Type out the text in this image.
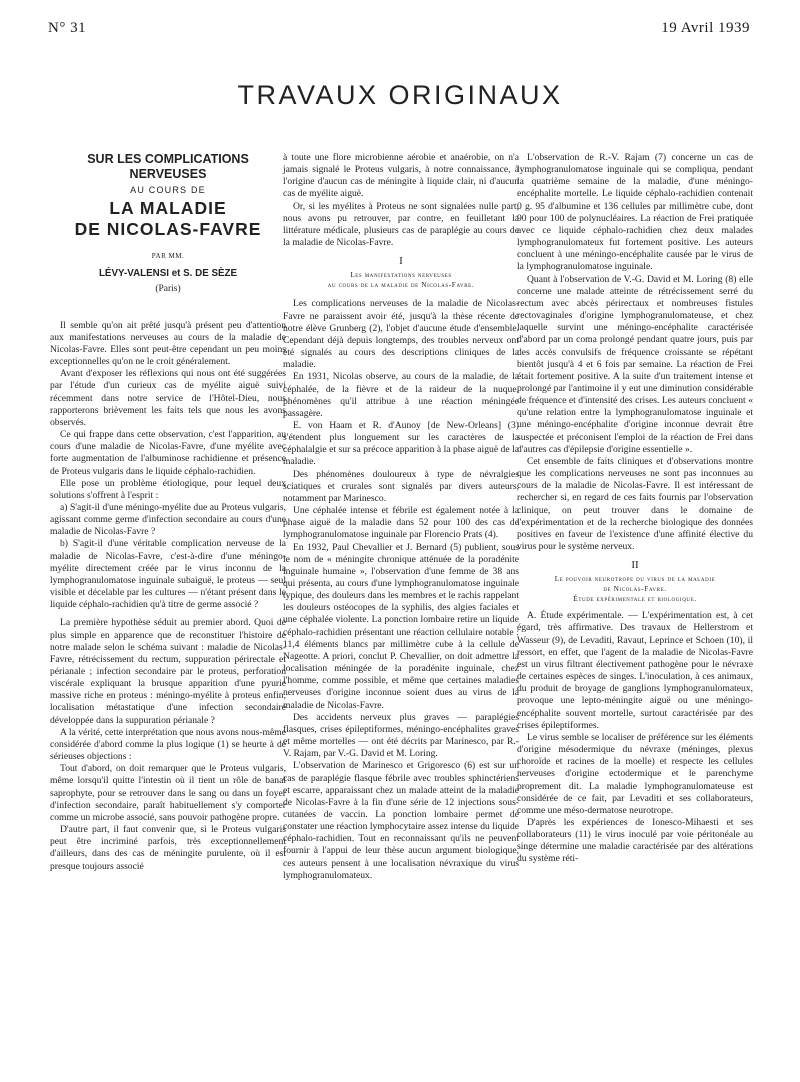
N° 31	19 Avril 1939
TRAVAUX ORIGINAUX
SUR LES COMPLICATIONS
NERVEUSES
AU COURS DE
LA MALADIE
DE NICOLAS-FAVRE
PAR MM.
LÉVY-VALENSI et S. DE SÈZE
(Paris)

Il semble qu'on ait prêté jusqu'à présent peu d'attention aux manifestations nerveuses au cours de la maladie de Nicolas-Favre. Elles sont peut-être cependant un peu moins exceptionnelles qu'on ne le croit généralement.

Avant d'exposer les réflexions qui nous ont été suggérées par l'étude d'un curieux cas de myélite aiguë suivi récemment dans notre service de l'Hôtel-Dieu, nous rapporterons brièvement les faits tels que nous les avons observés.

Ce qui frappe dans cette observation, c'est l'apparition, au cours d'une maladie de Nicolas-Favre, d'une myélite avec forte augmentation de l'albuminose rachidienne et présence de Proteus vulgaris dans le liquide céphalo-rachidien.

Elle pose un problème étiologique, pour lequel deux solutions s'offrent à l'esprit :

a) S'agit-il d'une méningo-myélite due au Proteus vulgaris, agissant comme germe d'infection secondaire au cours d'une maladie de Nicolas-Favre ?

b) S'agit-il d'une véritable complication nerveuse de la maladie de Nicolas-Favre, c'est-à-dire d'une méningo-myélite directement créée par le virus inconnu de la lymphogranulomatose inguinale subaiguë, le proteus — seul visible et décelable par les cultures — n'étant présent dans le liquide céphalo-rachidien qu'à titre de germe associé ?

La première hypothèse séduit au premier abord. Quoi de plus simple en apparence que de reconstituer l'histoire de notre malade selon le schéma suivant : maladie de Nicolas-Favre, rétrécissement du rectum, suppuration périrectale et périanale ; infection secondaire par le proteus, perforation viscérale expliquant la brusque apparition d'une pyurie massive riche en proteus : méningo-myélite à proteus enfin, localisation métastatique d'une infection secondaire développée dans la suppuration périanale ?

A la vérité, cette interprétation que nous avons nous-même considérée d'abord comme la plus logique (1) se heurte à de sérieuses objections :

Tout d'abord, on doit remarquer que le Proteus vulgaris, même lorsqu'il quitte l'intestin où il tient un rôle de banal saprophyte, pour se retrouver dans le sang ou dans un foyer d'infection secondaire, paraît habituellement s'y comporter comme un microbe associé, sans pouvoir pathogène propre.

D'autre part, il faut convenir que, si le Proteus vulgaris peut être incriminé parfois, très exceptionnellement d'ailleurs, dans des cas de méningite purulente, où il est presque toujours associé

à toute une flore microbienne aérobie et anaérobie, on n'a jamais signalé le Proteus vulgaris, à notre connaissance, à l'origine d'aucun cas de méningite à liquide clair, ni d'aucun cas de myélite aiguë.

Or, si les myélites à Proteus ne sont signalées nulle part, nous avons pu retrouver, par contre, en feuilletant la littérature médicale, plusieurs cas de paraplégie au cours de la maladie de Nicolas-Favre.

I
Les manifestations nerveuses
au cours de la maladie de Nicolas-Favre.

Les complications nerveuses de la maladie de Nicolas-Favre ne paraissent avoir été, jusqu'à la thèse récente de notre élève Grunberg (2), l'objet d'aucune étude d'ensemble. Cependant déjà depuis longtemps, des troubles nerveux ont été signalés au cours des descriptions cliniques de la maladie.

En 1931, Nicolas observe, au cours de la maladie, de la céphalée, de la fièvre et de la raideur de la nuque, phénomènes qu'il attribue à une réaction méningée passagère.

E. von Haam et R. d'Aunoy [de New-Orleans] (3) s'étendent plus longuement sur les caractères de la céphalalgie et sur sa précoce apparition à la phase aiguë de la maladie.

Des phénomènes douloureux à type de névralgies sciatiques et crurales sont signalés par divers auteurs, notamment par Marinesco.

Une céphalée intense et fébrile est également notée à la phase aiguë de la maladie dans 52 pour 100 des cas de lymphogranulomatose inguinale par Florencio Prats (4).

En 1932, Paul Chevallier et J. Bernard (5) publient, sous le nom de « méningite chronique atténuée de la poradénite inguinale humaine », l'observation d'une femme de 38 ans qui présenta, au cours d'une lymphogranulomatose inguinale typique, des douleurs dans les membres et le rachis rappelant les douleurs ostéocopes de la syphilis, des algies faciales et une céphalée violente. La ponction lombaire retire un liquide céphalo-rachidien présentant une réaction cellulaire notable : 11,4 éléments blancs par millimètre cube à la cellule de Nageotte. A priori, conclut P. Chevallier, on doit admettre la localisation méningée de la poradénite inguinale, chez l'homme, comme possible, et même que certaines maladies nerveuses d'origine inconnue soient dues au virus de la maladie de Nicolas-Favre.

Des accidents nerveux plus graves — paraplégies flasques, crises épileptiformes, méningo-encéphalites graves et même mortelles — ont été décrits par Marinesco, par R.-V. Rajam, par V.-G. David et M. Loring.

L'observation de Marinesco et Grigoresco (6) est sur un cas de paraplégie flasque fébrile avec troubles sphinctériens et escarre, apparaissant chez un malade atteint de la maladie de Nicolas-Favre à la fin d'une série de 12 injections sous-cutanées de vaccin. La ponction lombaire permet de constater une réaction lymphocytaire assez intense du liquide céphalo-rachidien. Tout en reconnaissant qu'ils ne peuvent fournir à l'appui de leur thèse aucun argument biologique, ces auteurs pensent à une localisation névraxique du virus lymphogranulomateux.

L'observation de R.-V. Rajam (7) concerne un cas de lymphogranulomatose inguinale qui se compliqua, pendant la quatrième semaine de la maladie, d'une méningo-encéphalite mortelle. Le liquide céphalo-rachidien contenait 0 g. 95 d'albumine et 136 cellules par millimètre cube, dont 90 pour 100 de polynucléaires. La réaction de Frei pratiquée avec ce liquide céphalo-rachidien chez deux malades lymphogranulomateux fut fortement positive. Les auteurs concluent à une méningo-encéphalite causée par le virus de la lymphogranulomatose inguinale.

Quant à l'observation de V.-G. David et M. Loring (8) elle concerne une malade atteinte de rétrécissement serré du rectum avec abcès périrectaux et nombreuses fistules rectovaginales d'origine lymphogranulomateuse, et chez laquelle survint une méningo-encéphalite caractérisée d'abord par un coma prolongé pendant quatre jours, puis par des accès convulsifs de fréquence croissante se répétant bientôt jusqu'à 4 et 6 fois par semaine. La réaction de Frei était fortement positive. A la suite d'un traitement intense et prolongé par l'antimoine il y eut une diminution considérable de fréquence et d'intensité des crises. Les auteurs concluent « qu'une relation entre la lymphogranulomatose inguinale et une méningo-encéphalite d'origine inconnue devrait être suspectée et préconisent l'emploi de la réaction de Frei dans d'autres cas d'épilepsie d'origine essentielle ».

Cet ensemble de faits cliniques et d'observations montre que les complications nerveuses ne sont pas inconnues au cours de la maladie de Nicolas-Favre. Il est intéressant de rechercher si, en regard de ces faits fournis par l'observation clinique, on peut trouver dans le domaine de l'expérimentation et de la recherche biologique des données positives en faveur de l'existence d'une affinité élective du virus pour le système nerveux.

II
Le pouvoir neurotrope du virus de la maladie
de Nicolas-Favre.
Étude expérimentale et biologique.

A. Étude expérimentale. — L'expérimentation est, à cet égard, très affirmative. Des travaux de Hellerstrom et Wasseur (9), de Levaditi, Ravaut, Leprince et Schoen (10), il ressort, en effet, que l'agent de la maladie de Nicolas-Favre est un virus filtrant électivement pathogène pour le névraxe de certaines espèces de singes. L'inoculation, à ces animaux, du produit de broyage de ganglions lymphogranulomateux, provoque une lepto-méningite aiguë ou une méningo-encéphalite souvent mortelle, surtout caractérisée par des crises épileptiformes.

Le virus semble se localiser de préférence sur les éléments d'origine mésodermique du névraxe (méninges, plexus choroïde et racines de la moelle) et respecte les cellules nerveuses d'origine ectodermique et le parenchyme proprement dit. La maladie lymphogranulomateuse est considérée de ce fait, par Levaditi et ses collaborateurs, comme une méso-dermatose neurotrope.

D'après les expériences de Ionesco-Mihaesti et ses collaborateurs (11) le virus inoculé par voie péritonéale au singe détermine une maladie caractérisée par des altérations du système réti-
